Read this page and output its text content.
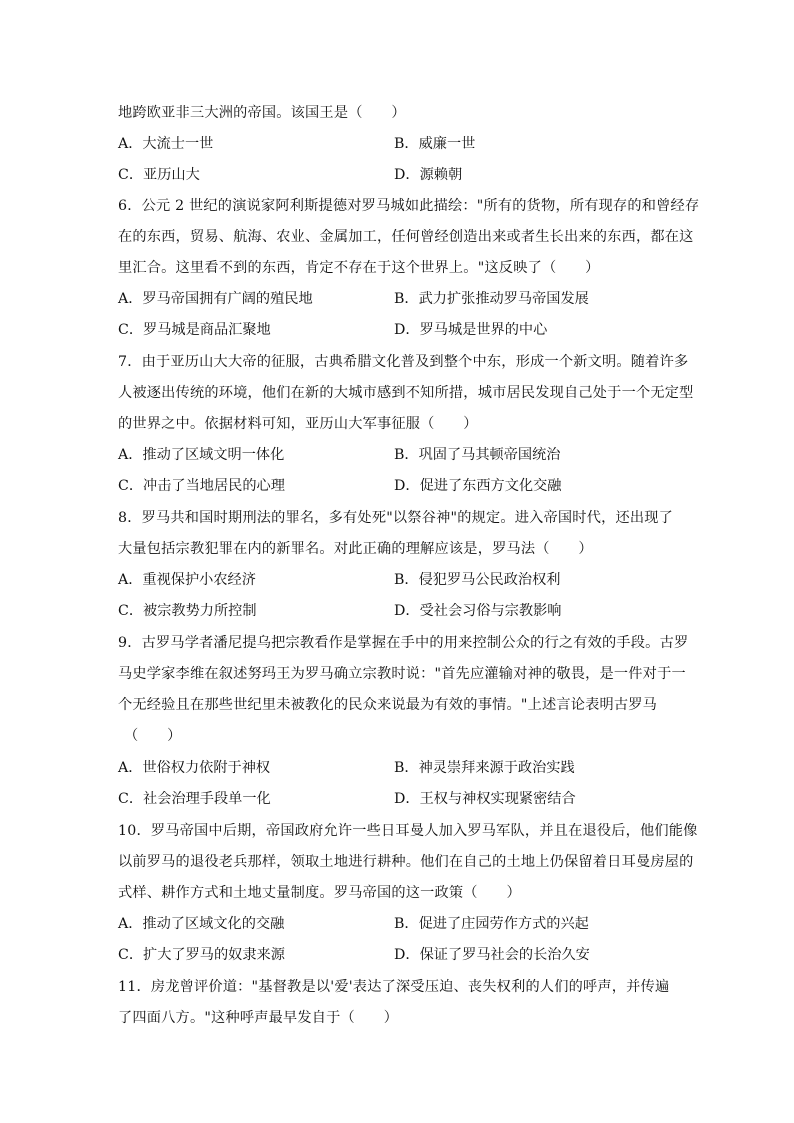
地跨欧亚非三大洲的帝国。该国王是（　　）
A．大流士一世	B．威廉一世
C．亚历山大	D．源赖朝
6．公元 2 世纪的演说家阿利斯提德对罗马城如此描绘："所有的货物，所有现存的和曾经存
在的东西，贸易、航海、农业、金属加工，任何曾经创造出来或者生长出来的东西，都在这
里汇合。这里看不到的东西，肯定不存在于这个世界上。"这反映了（　　）
A．罗马帝国拥有广阔的殖民地	B．武力扩张推动罗马帝国发展
C．罗马城是商品汇聚地	D．罗马城是世界的中心
7．由于亚历山大大帝的征服，古典希腊文化普及到整个中东，形成一个新文明。随着许多
人被逐出传统的环境，他们在新的大城市感到不知所措，城市居民发现自己处于一个无定型
的世界之中。依据材料可知，亚历山大军事征服（　　）
A．推动了区域文明一体化	B．巩固了马其顿帝国统治
C．冲击了当地居民的心理	D．促进了东西方文化交融
8．罗马共和国时期刑法的罪名，多有处死"以祭谷神"的规定。进入帝国时代，还出现了
大量包括宗教犯罪在内的新罪名。对此正确的理解应该是，罗马法（　　）
A．重视保护小农经济	B．侵犯罗马公民政治权利
C．被宗教势力所控制	D．受社会习俗与宗教影响
9．古罗马学者潘尼提乌把宗教看作是掌握在手中的用来控制公众的行之有效的手段。古罗
马史学家李维在叙述努玛王为罗马确立宗教时说："首先应灌输对神的敬畏，是一件对于一
个无经验且在那些世纪里未被教化的民众来说最为有效的事情。"上述言论表明古罗马
（　　）
A．世俗权力依附于神权	B．神灵崇拜来源于政治实践
C．社会治理手段单一化	D．王权与神权实现紧密结合
10．罗马帝国中后期，帝国政府允许一些日耳曼人加入罗马军队，并且在退役后，他们能像
以前罗马的退役老兵那样，领取土地进行耕种。他们在自己的土地上仍保留着日耳曼房屋的
式样、耕作方式和土地丈量制度。罗马帝国的这一政策（　　）
A．推动了区域文化的交融	B．促进了庄园劳作方式的兴起
C．扩大了罗马的奴隶来源	D．保证了罗马社会的长治久安
11．房龙曾评价道："基督教是以'爱'表达了深受压迫、丧失权利的人们的呼声，并传遍
了四面八方。"这种呼声最早发自于（　　）
